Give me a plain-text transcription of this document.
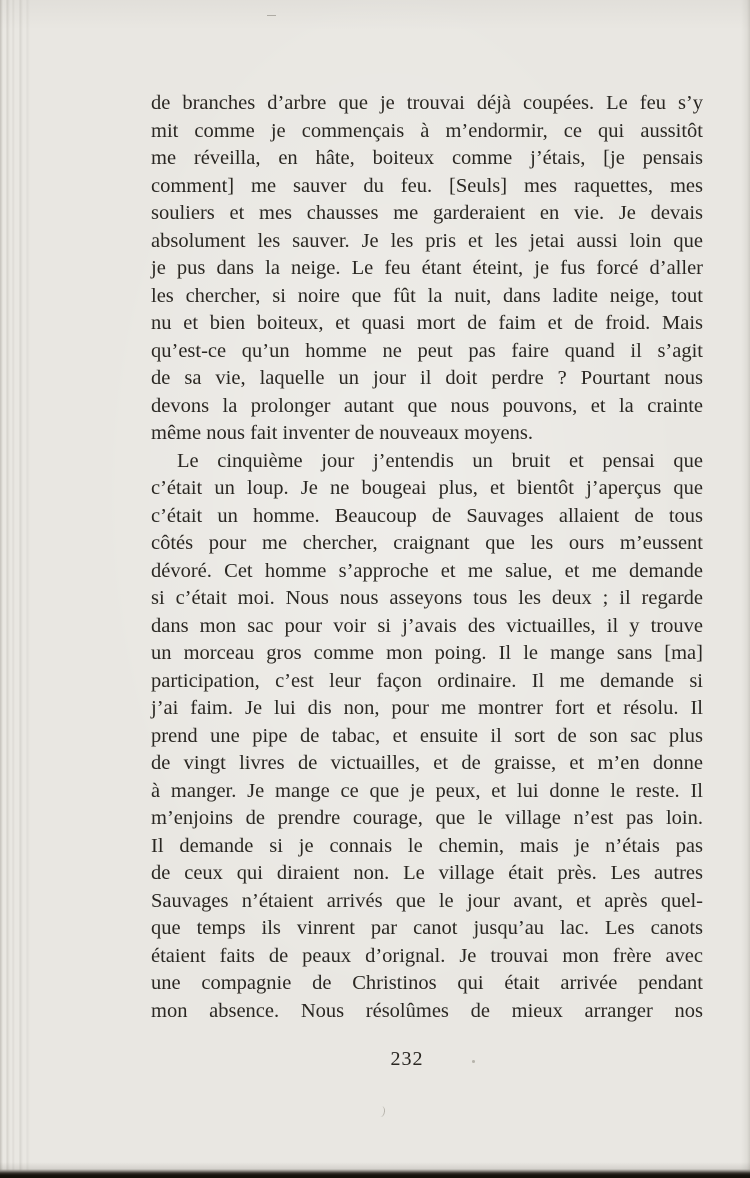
de branches d’arbre que je trouvai déjà coupées. Le feu s’y
mit comme je commençais à m’endormir, ce qui aussitôt
me réveilla, en hâte, boiteux comme j’étais, [je pensais
comment] me sauver du feu. [Seuls] mes raquettes, mes
souliers et mes chausses me garderaient en vie. Je devais
absolument les sauver. Je les pris et les jetai aussi loin que
je pus dans la neige. Le feu étant éteint, je fus forcé d’aller
les chercher, si noire que fût la nuit, dans ladite neige, tout
nu et bien boiteux, et quasi mort de faim et de froid. Mais
qu’est-ce qu’un homme ne peut pas faire quand il s’agit
de sa vie, laquelle un jour il doit perdre ? Pourtant nous
devons la prolonger autant que nous pouvons, et la crainte
même nous fait inventer de nouveaux moyens.
Le cinquième jour j’entendis un bruit et pensai que
c’était un loup. Je ne bougeai plus, et bientôt j’aperçus que
c’était un homme. Beaucoup de Sauvages allaient de tous
côtés pour me chercher, craignant que les ours m’eussent
dévoré. Cet homme s’approche et me salue, et me demande
si c’était moi. Nous nous asseyons tous les deux ; il regarde
dans mon sac pour voir si j’avais des victuailles, il y trouve
un morceau gros comme mon poing. Il le mange sans [ma]
participation, c’est leur façon ordinaire. Il me demande si
j’ai faim. Je lui dis non, pour me montrer fort et résolu. Il
prend une pipe de tabac, et ensuite il sort de son sac plus
de vingt livres de victuailles, et de graisse, et m’en donne
à manger. Je mange ce que je peux, et lui donne le reste. Il
m’enjoins de prendre courage, que le village n’est pas loin.
Il demande si je connais le chemin, mais je n’étais pas
de ceux qui diraient non. Le village était près. Les autres
Sauvages n’étaient arrivés que le jour avant, et après quel-
que temps ils vinrent par canot jusqu’au lac. Les canots
étaient faits de peaux d’orignal. Je trouvai mon frère avec
une compagnie de Christinos qui était arrivée pendant
mon absence. Nous résolûmes de mieux arranger nos
232
